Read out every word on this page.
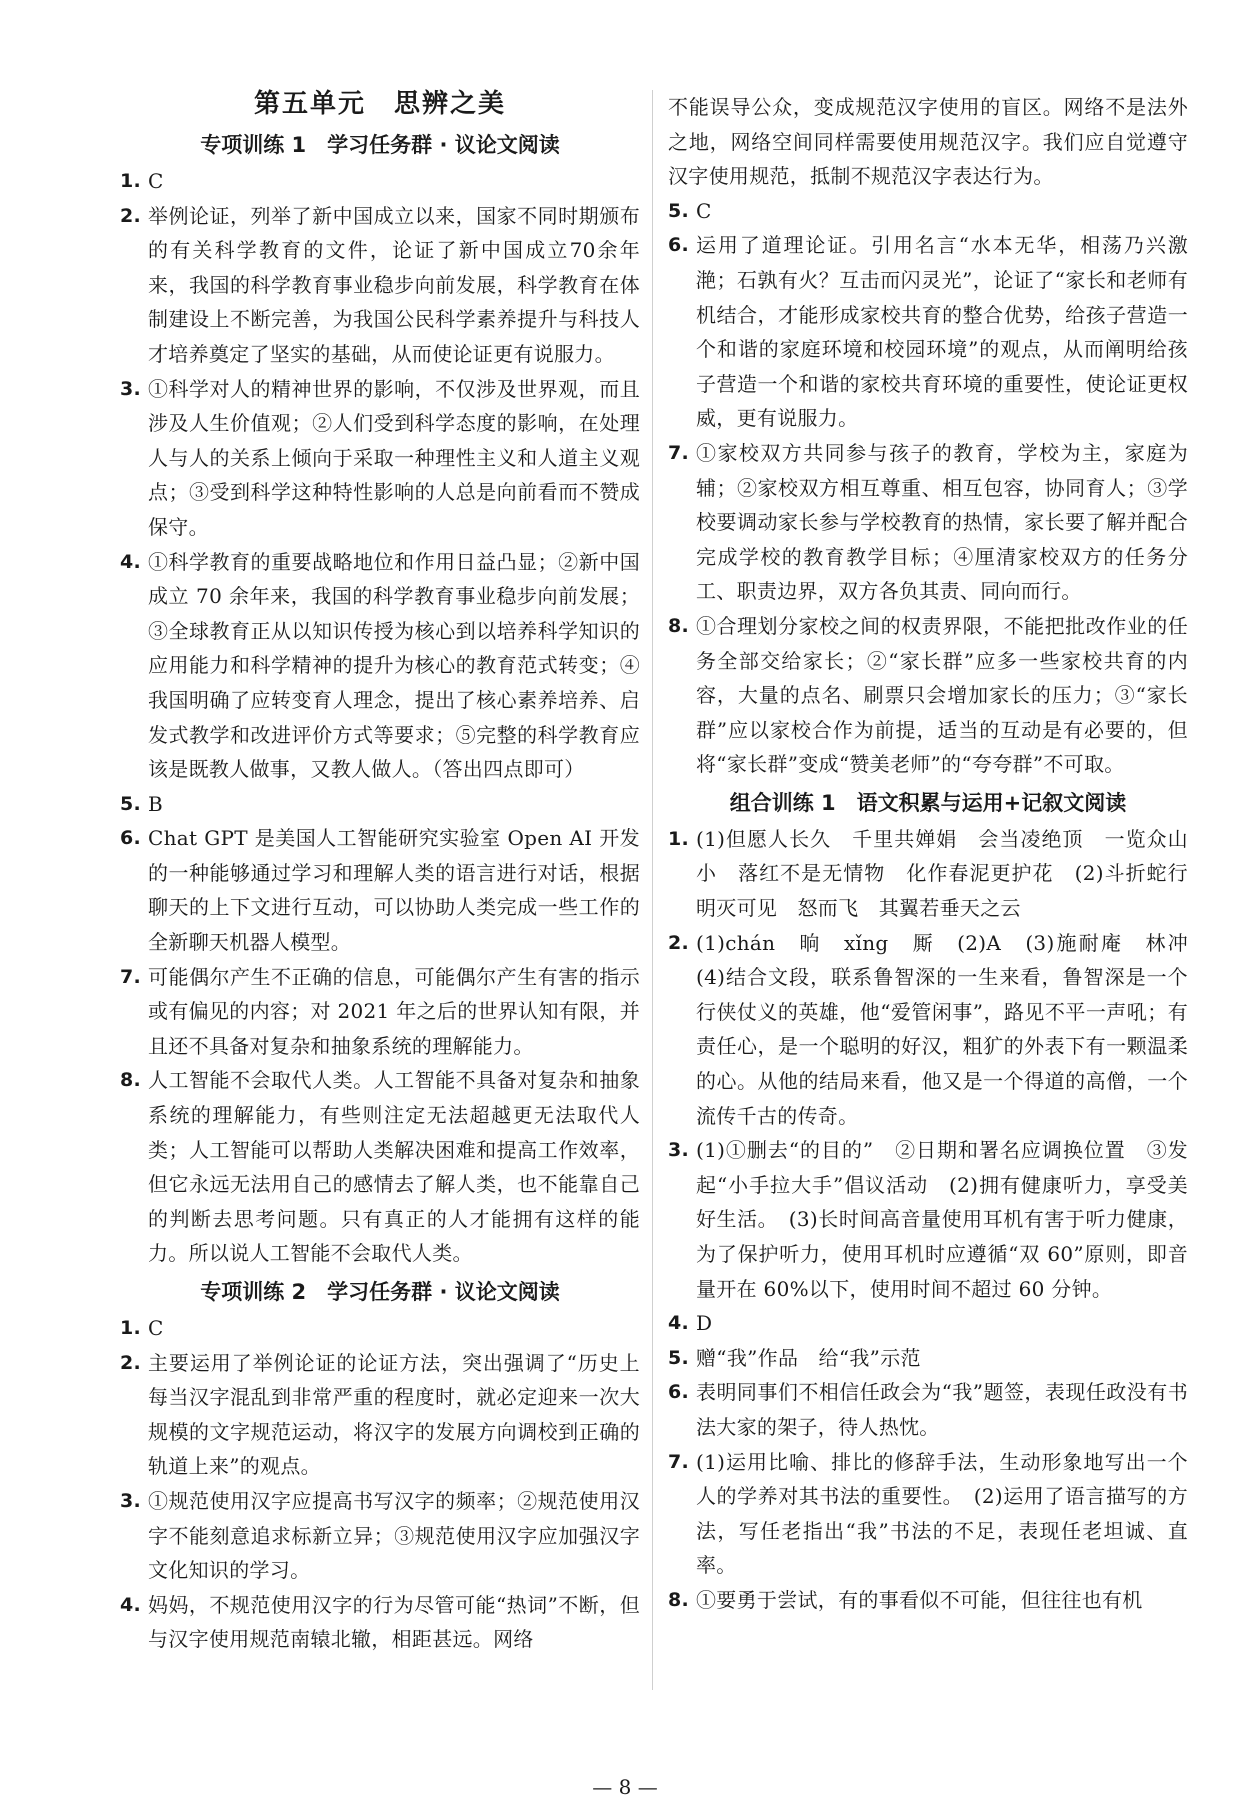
第五单元　思辨之美
专项训练 1　学习任务群 · 议论文阅读
1. C
2. 举例论证，列举了新中国成立以来，国家不同时期颁布的有关科学教育的文件，论证了新中国成立70余年来，我国的科学教育事业稳步向前发展，科学教育在体制建设上不断完善，为我国公民科学素养提升与科技人才培养奠定了坚实的基础，从而使论证更有说服力。
3. ①科学对人的精神世界的影响，不仅涉及世界观，而且涉及人生价值观；②人们受到科学态度的影响，在处理人与人的关系上倾向于采取一种理性主义和人道主义观点；③受到科学这种特性影响的人总是向前看而不赞成保守。
4. ①科学教育的重要战略地位和作用日益凸显；②新中国成立 70 余年来，我国的科学教育事业稳步向前发展；③全球教育正从以知识传授为核心到以培养科学知识的应用能力和科学精神的提升为核心的教育范式转变；④我国明确了应转变育人理念，提出了核心素养培养、启发式教学和改进评价方式等要求；⑤完整的科学教育应该是既教人做事，又教人做人。（答出四点即可）
5. B
6. Chat GPT 是美国人工智能研究实验室 Open AI 开发的一种能够通过学习和理解人类的语言进行对话，根据聊天的上下文进行互动，可以协助人类完成一些工作的全新聊天机器人模型。
7. 可能偶尔产生不正确的信息，可能偶尔产生有害的指示或有偏见的内容；对 2021 年之后的世界认知有限，并且还不具备对复杂和抽象系统的理解能力。
8. 人工智能不会取代人类。人工智能不具备对复杂和抽象系统的理解能力，有些则注定无法超越更无法取代人类；人工智能可以帮助人类解决困难和提高工作效率，但它永远无法用自己的感情去了解人类，也不能靠自己的判断去思考问题。只有真正的人才能拥有这样的能力。所以说人工智能不会取代人类。
专项训练 2　学习任务群 · 议论文阅读
1. C
2. 主要运用了举例论证的论证方法，突出强调了“历史上每当汉字混乱到非常严重的程度时，就必定迎来一次大规模的文字规范运动，将汉字的发展方向调校到正确的轨道上来”的观点。
3. ①规范使用汉字应提高书写汉字的频率；②规范使用汉字不能刻意追求标新立异；③规范使用汉字应加强汉字文化知识的学习。
4. 妈妈，不规范使用汉字的行为尽管可能“热词”不断，但与汉字使用规范南辕北辙，相距甚远。网络
不能误导公众，变成规范汉字使用的盲区。网络不是法外之地，网络空间同样需要使用规范汉字。我们应自觉遵守汉字使用规范，抵制不规范汉字表达行为。
5. C
6. 运用了道理论证。引用名言“水本无华，相荡乃兴激滟；石孰有火？互击而闪灵光”，论证了“家长和老师有机结合，才能形成家校共育的整合优势，给孩子营造一个和谐的家庭环境和校园环境”的观点，从而阐明给孩子营造一个和谐的家校共育环境的重要性，使论证更权威，更有说服力。
7. ①家校双方共同参与孩子的教育，学校为主，家庭为辅；②家校双方相互尊重、相互包容，协同育人；③学校要调动家长参与学校教育的热情，家长要了解并配合完成学校的教育教学目标；④厘清家校双方的任务分工、职责边界，双方各负其责、同向而行。
8. ①合理划分家校之间的权责界限，不能把批改作业的任务全部交给家长；②“家长群”应多一些家校共育的内容，大量的点名、刷票只会增加家长的压力；③“家长群”应以家校合作为前提，适当的互动是有必要的，但将“家长群”变成“赞美老师”的“夸夸群”不可取。
组合训练 1　语文积累与运用+记叙文阅读
1. (1)但愿人长久　千里共婵娟　会当凌绝顶　一览众山小　落红不是无情物　化作春泥更护花　(2)斗折蛇行　明灭可见　怒而飞　其翼若垂天之云
2. (1)chán　晌　xǐng　厮　(2)A　(3)施耐庵　林冲　(4)结合文段，联系鲁智深的一生来看，鲁智深是一个行侠仗义的英雄，他“爱管闲事”，路见不平一声吼；有责任心，是一个聪明的好汉，粗犷的外表下有一颗温柔的心。从他的结局来看，他又是一个得道的高僧，一个流传千古的传奇。
3. (1)①删去“的目的”　②日期和署名应调换位置　③发起“小手拉大手”倡议活动　(2)拥有健康听力，享受美好生活。　(3)长时间高音量使用耳机有害于听力健康，为了保护听力，使用耳机时应遵循“双 60”原则，即音量开在 60%以下，使用时间不超过 60 分钟。
4. D
5. 赠“我”作品　给“我”示范
6. 表明同事们不相信任政会为“我”题签，表现任政没有书法大家的架子，待人热忱。
7. (1)运用比喻、排比的修辞手法，生动形象地写出一个人的学养对其书法的重要性。　(2)运用了语言描写的方法，写任老指出“我”书法的不足，表现任老坦诚、直率。
8. ①要勇于尝试，有的事看似不可能，但往往也有机
— 8 —
